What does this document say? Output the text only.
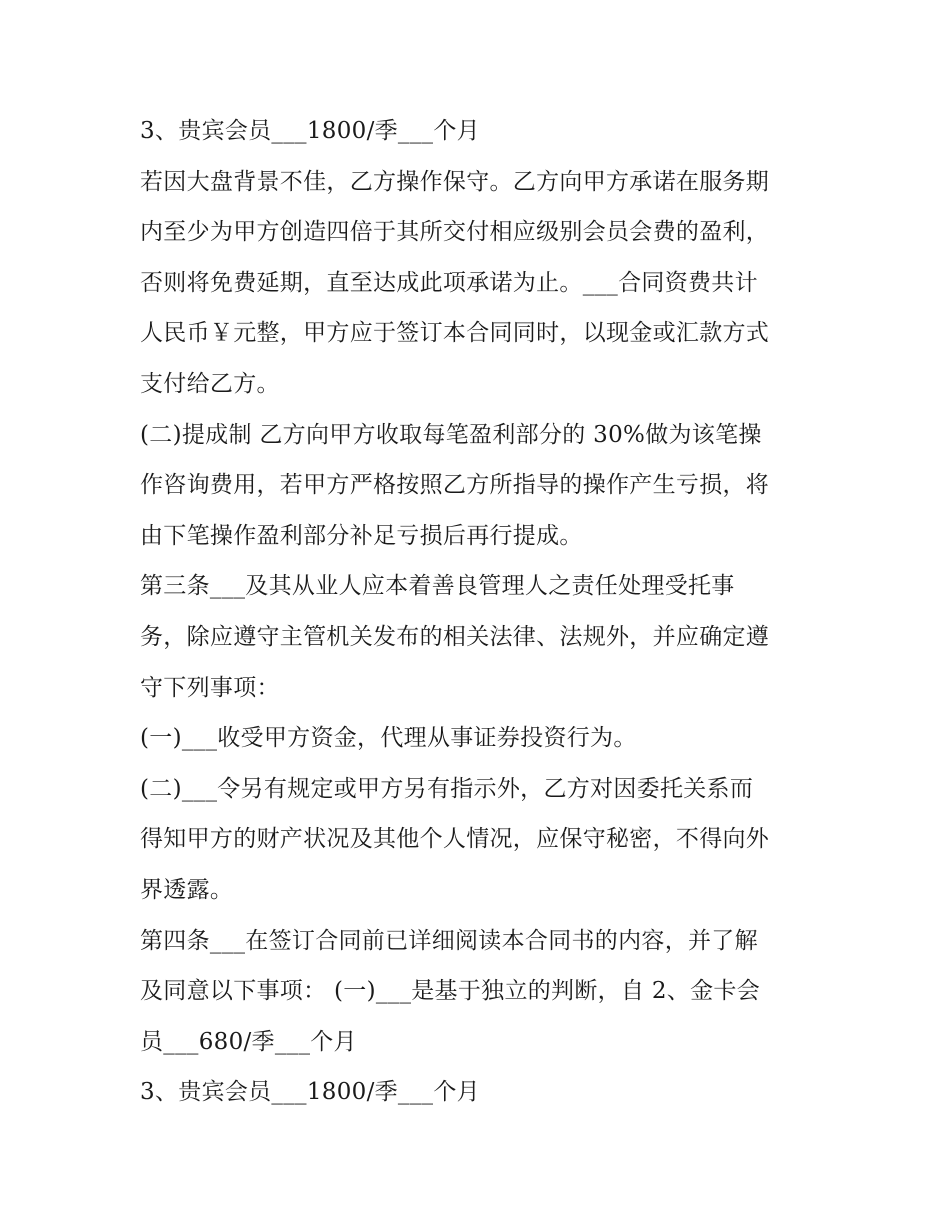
3、贵宾会员___1800/季___个月
若因大盘背景不佳，乙方操作保守。乙方向甲方承诺在服务期
内至少为甲方创造四倍于其所交付相应级别会员会费的盈利，
否则将免费延期，直至达成此项承诺为止。___合同资费共计
人民币￥元整，甲方应于签订本合同同时，以现金或汇款方式
支付给乙方。
(二)提成制 乙方向甲方收取每笔盈利部分的 30%做为该笔操
作咨询费用，若甲方严格按照乙方所指导的操作产生亏损，将
由下笔操作盈利部分补足亏损后再行提成。
第三条___及其从业人应本着善良管理人之责任处理受托事
务，除应遵守主管机关发布的相关法律、法规外，并应确定遵
守下列事项：
(一)___收受甲方资金，代理从事证券投资行为。
(二)___令另有规定或甲方另有指示外，乙方对因委托关系而
得知甲方的财产状况及其他个人情况，应保守秘密，不得向外
界透露。
第四条___在签订合同前已详细阅读本合同书的内容，并了解
及同意以下事项： (一)___是基于独立的判断，自 2、金卡会
员___680/季___个月
3、贵宾会员___1800/季___个月
